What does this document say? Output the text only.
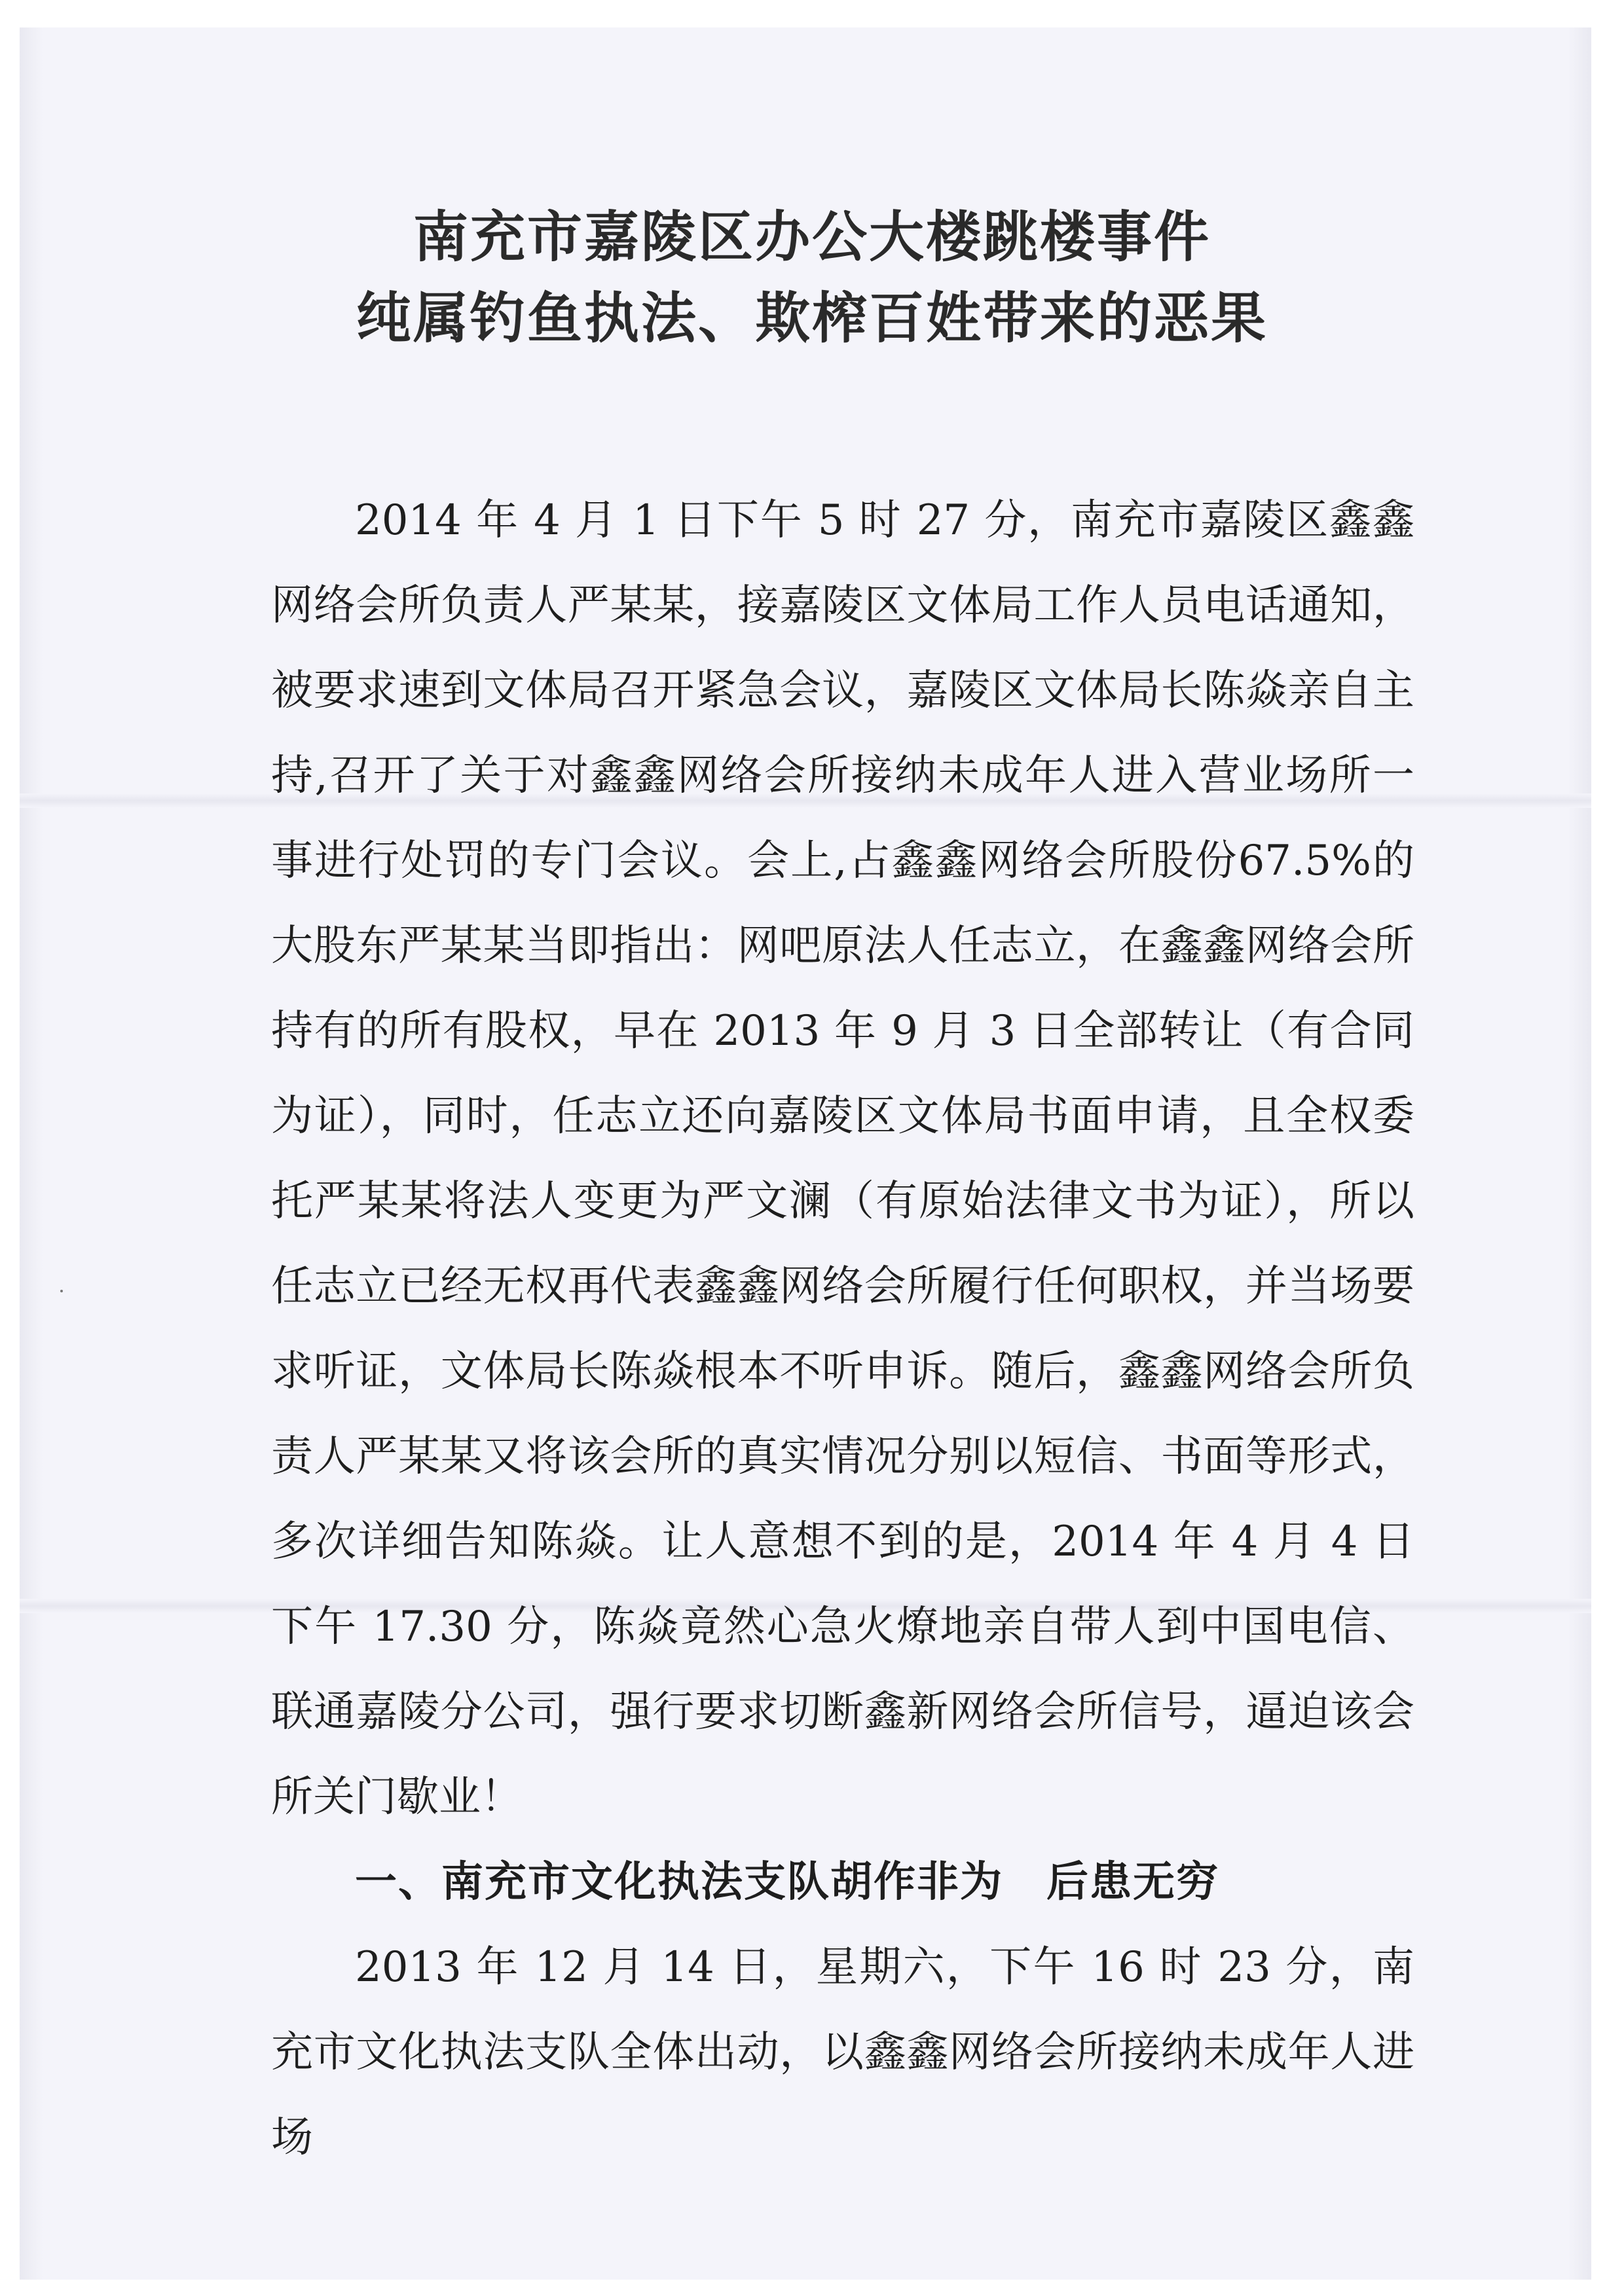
南充市嘉陵区办公大楼跳楼事件
纯属钓鱼执法、欺榨百姓带来的恶果

2014 年 4 月 1 日下午 5 时 27 分，南充市嘉陵区鑫鑫网络会所负责人严某某，接嘉陵区文体局工作人员电话通知，被要求速到文体局召开紧急会议，嘉陵区文体局长陈焱亲自主持,召开了关于对鑫鑫网络会所接纳未成年人进入营业场所一事进行处罚的专门会议。会上,占鑫鑫网络会所股份67.5%的大股东严某某当即指出：网吧原法人任志立，在鑫鑫网络会所持有的所有股权，早在 2013 年 9 月 3 日全部转让（有合同为证），同时，任志立还向嘉陵区文体局书面申请，且全权委托严某某将法人变更为严文澜（有原始法律文书为证），所以任志立已经无权再代表鑫鑫网络会所履行任何职权，并当场要求听证，文体局长陈焱根本不听申诉。随后，鑫鑫网络会所负责人严某某又将该会所的真实情况分别以短信、书面等形式，多次详细告知陈焱。让人意想不到的是，2014 年 4 月 4 日下午 17.30 分，陈焱竟然心急火燎地亲自带人到中国电信、联通嘉陵分公司，强行要求切断鑫新网络会所信号，逼迫该会所关门歇业！

一、南充市文化执法支队胡作非为　后患无穷

2013 年 12 月 14 日，星期六，下午 16 时 23 分，南充市文化执法支队全体出动，以鑫鑫网络会所接纳未成年人进场
